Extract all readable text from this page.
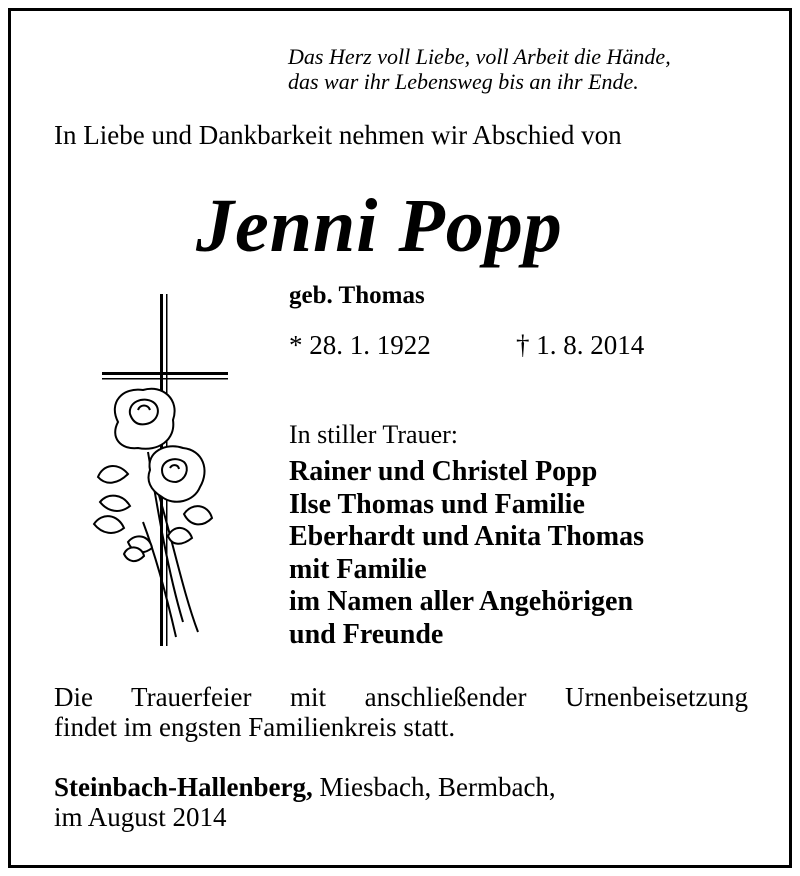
Das Herz voll Liebe, voll Arbeit die Hände,
das war ihr Lebensweg bis an ihr Ende.
In Liebe und Dankbarkeit nehmen wir Abschied von
Jenni Popp
geb. Thomas
* 28. 1. 1922	† 1. 8. 2014
In stiller Trauer:
Rainer und Christel Popp
Ilse Thomas und Familie
Eberhardt und Anita Thomas
mit Familie
im Namen aller Angehörigen
und Freunde
Die Trauerfeier mit anschließender Urnenbeisetzung
findet im engsten Familienkreis statt.
Steinbach-Hallenberg, Miesbach, Bermbach,
im August 2014
